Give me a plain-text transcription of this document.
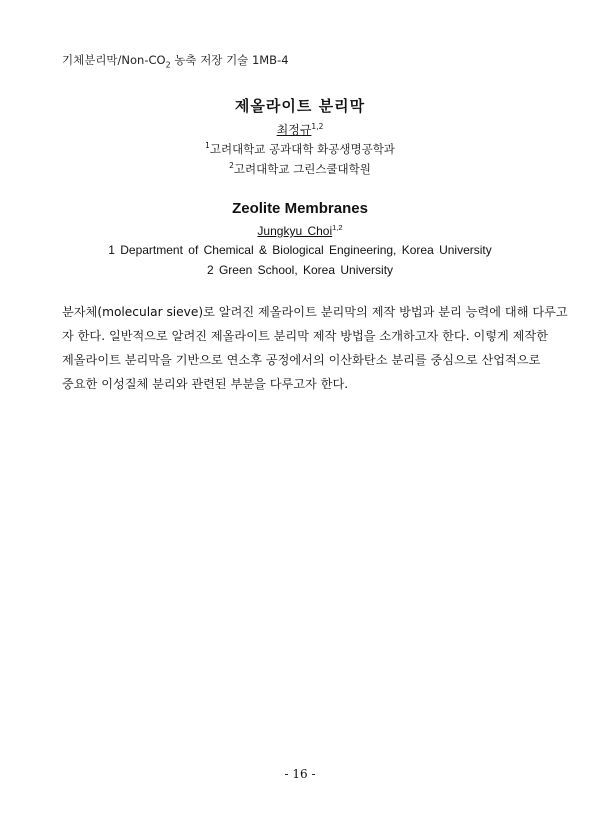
기체분리막$/Non-CO_2$ 농축 저장 기술 1MB-4
제올라이트 분리막
최정규$^{1,2}$
$^1$고려대학교 공과대학 화공생명공학과
$^2$고려대학교 그린스쿨대학원
Zeolite Membranes
Jungkyu Choi$^{1,2}$
1 Department of Chemical & Biological Engineering, Korea University
2 Green School, Korea University
분자체(molecular sieve)로 알려진 제올라이트 분리막의 제작 방법과 분리 능력에 대해 다루고
자 한다. 일반적으로 알려진 제올라이트 분리막 제작 방법을 소개하고자 한다. 이렇게 제작한
제올라이트 분리막을 기반으로 연소후 공정에서의 이산화탄소 분리를 중심으로 산업적으로
중요한 이성질체 분리와 관련된 부분을 다루고자 한다.
- 16 -
